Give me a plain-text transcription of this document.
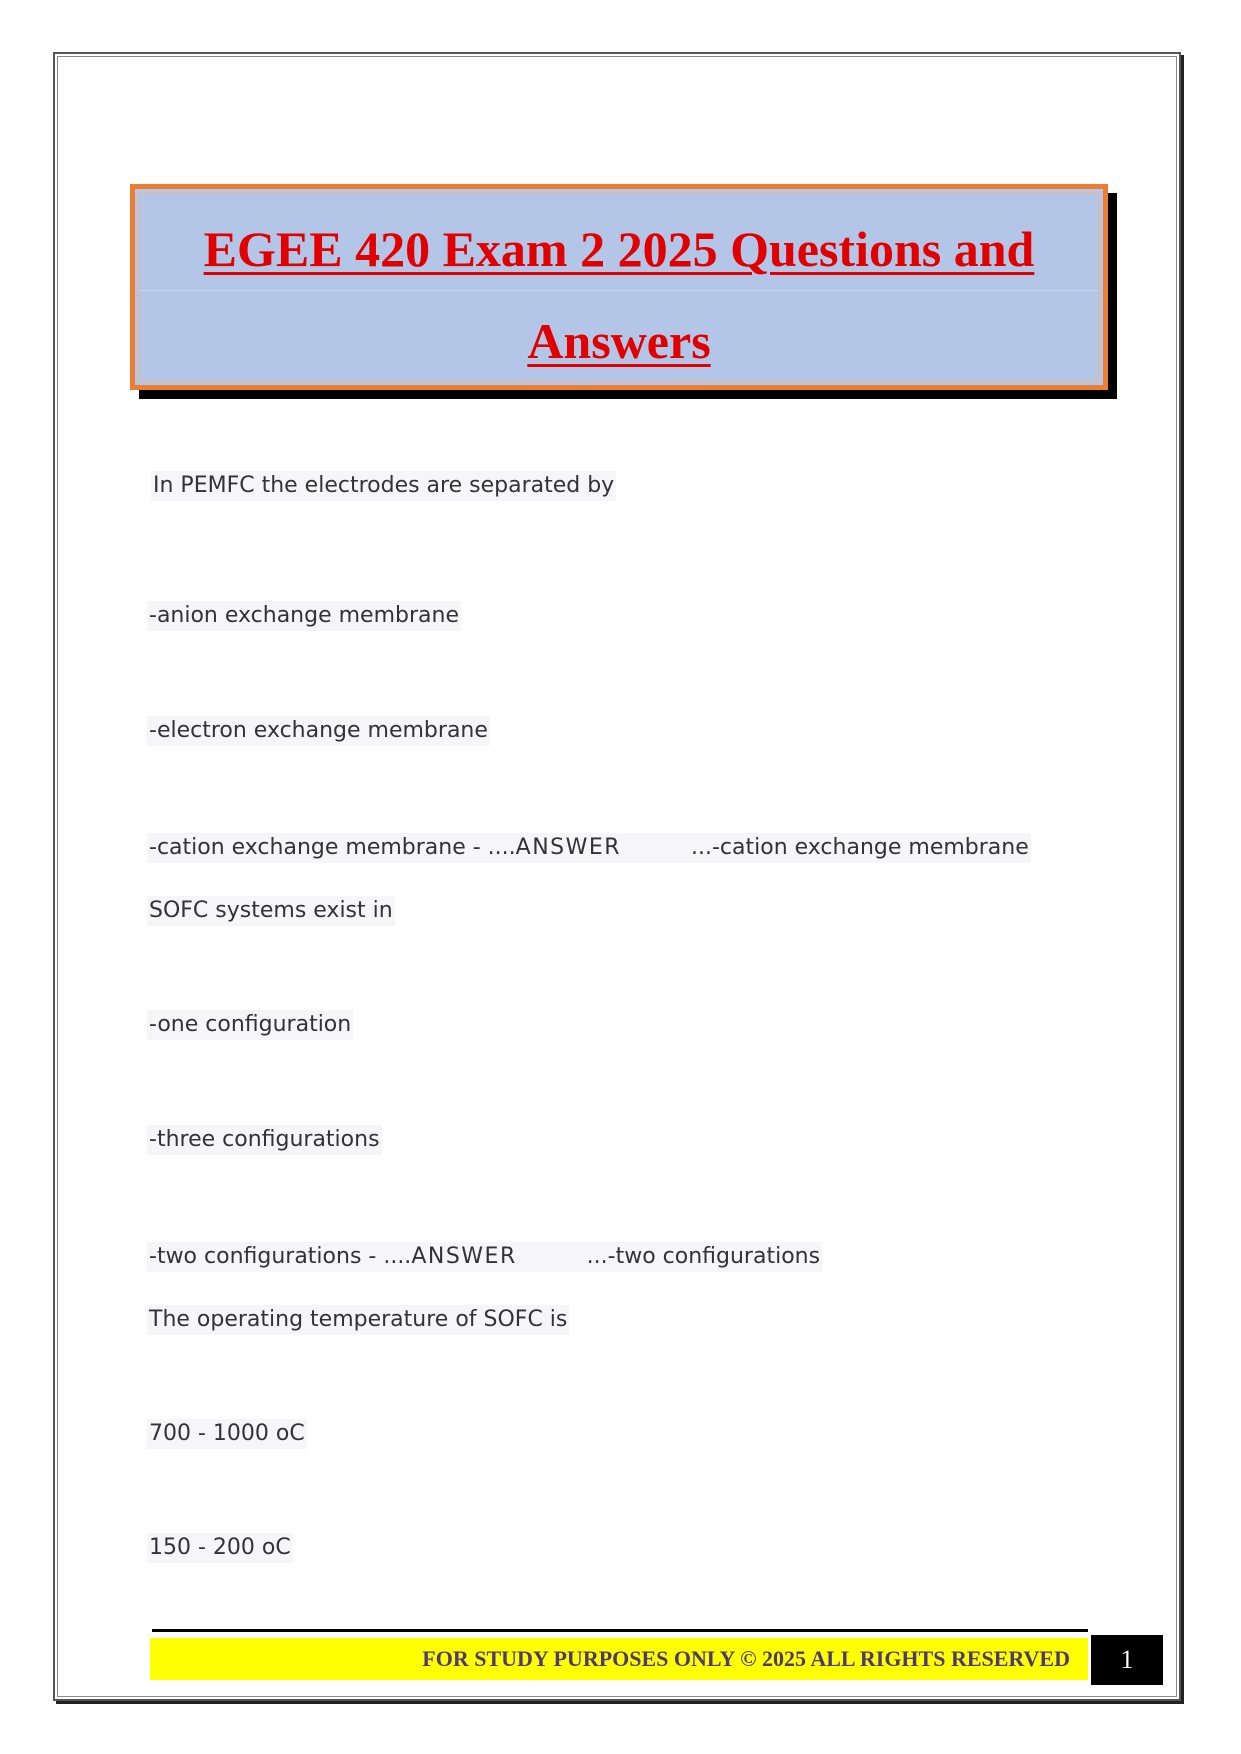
EGEE 420 Exam 2 2025 Questions and Answers

In PEMFC the electrodes are separated by

-anion exchange membrane

-electron exchange membrane

-cation exchange membrane - ....ANSWER	...-cation exchange membrane

SOFC systems exist in

-one configuration

-three configurations

-two configurations - ....ANSWER	...-two configurations

The operating temperature of SOFC is

700 - 1000 oC

150 - 200 oC

FOR STUDY PURPOSES ONLY © 2025 ALL RIGHTS RESERVED	1
